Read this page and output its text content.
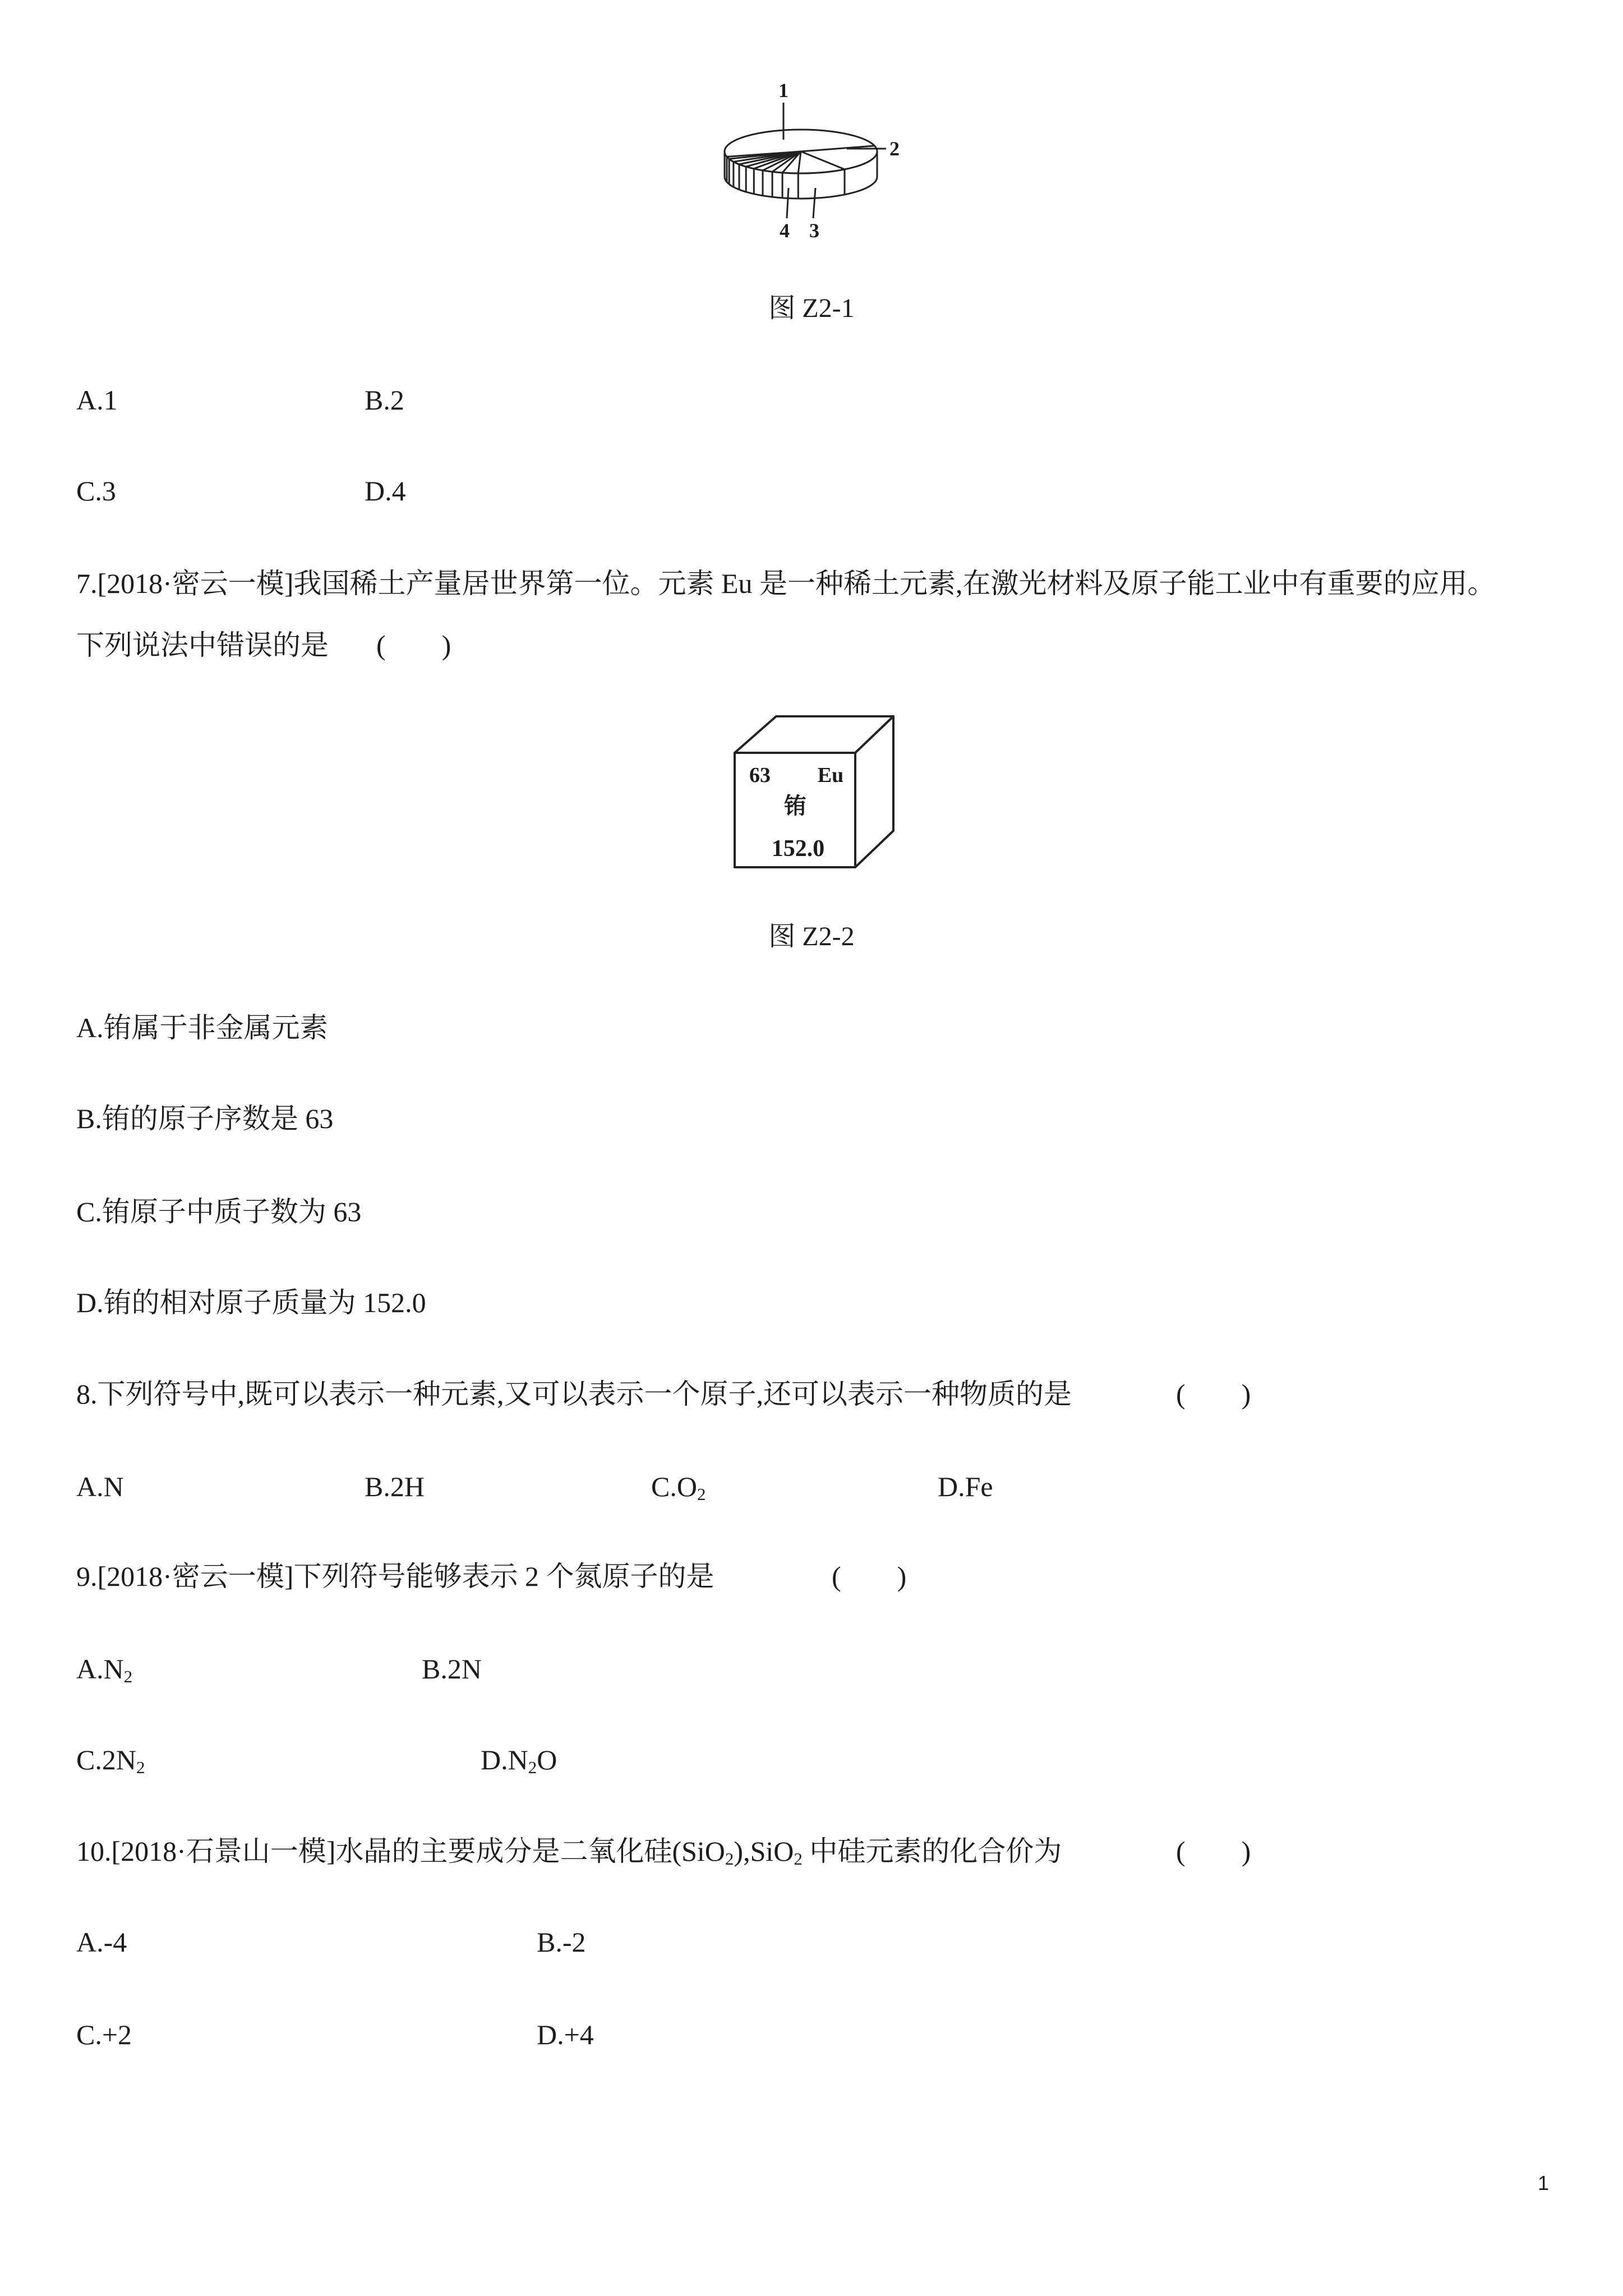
1
2
4 3
图 Z2-1
A.1	B.2
C.3	D.4
7.[2018·密云一模]我国稀土产量居世界第一位。元素 Eu 是一种稀土元素,在激光材料及原子能工业中有重要的应用。
下列说法中错误的是 (　　)
63 Eu
铕
152.0
图 Z2-2
A.铕属于非金属元素
B.铕的原子序数是 63
C.铕原子中质子数为 63
D.铕的相对原子质量为 152.0
8.下列符号中,既可以表示一种元素,又可以表示一个原子,还可以表示一种物质的是	(　　)
A.N	B.2H	$C.O_2$	D.Fe
9.[2018·密云一模]下列符号能够表示 2 个氮原子的是	(　　)
$A.N_2$	B.2N
$C.2N_2$	$D.N_2O$
10.[2018·石景山一模]水晶的主要成分是二氧化硅(SiO$_2$),SiO$_2$ 中硅元素的化合价为	(　　)
A.-4	B.-2
C.+2	D.+4
1
